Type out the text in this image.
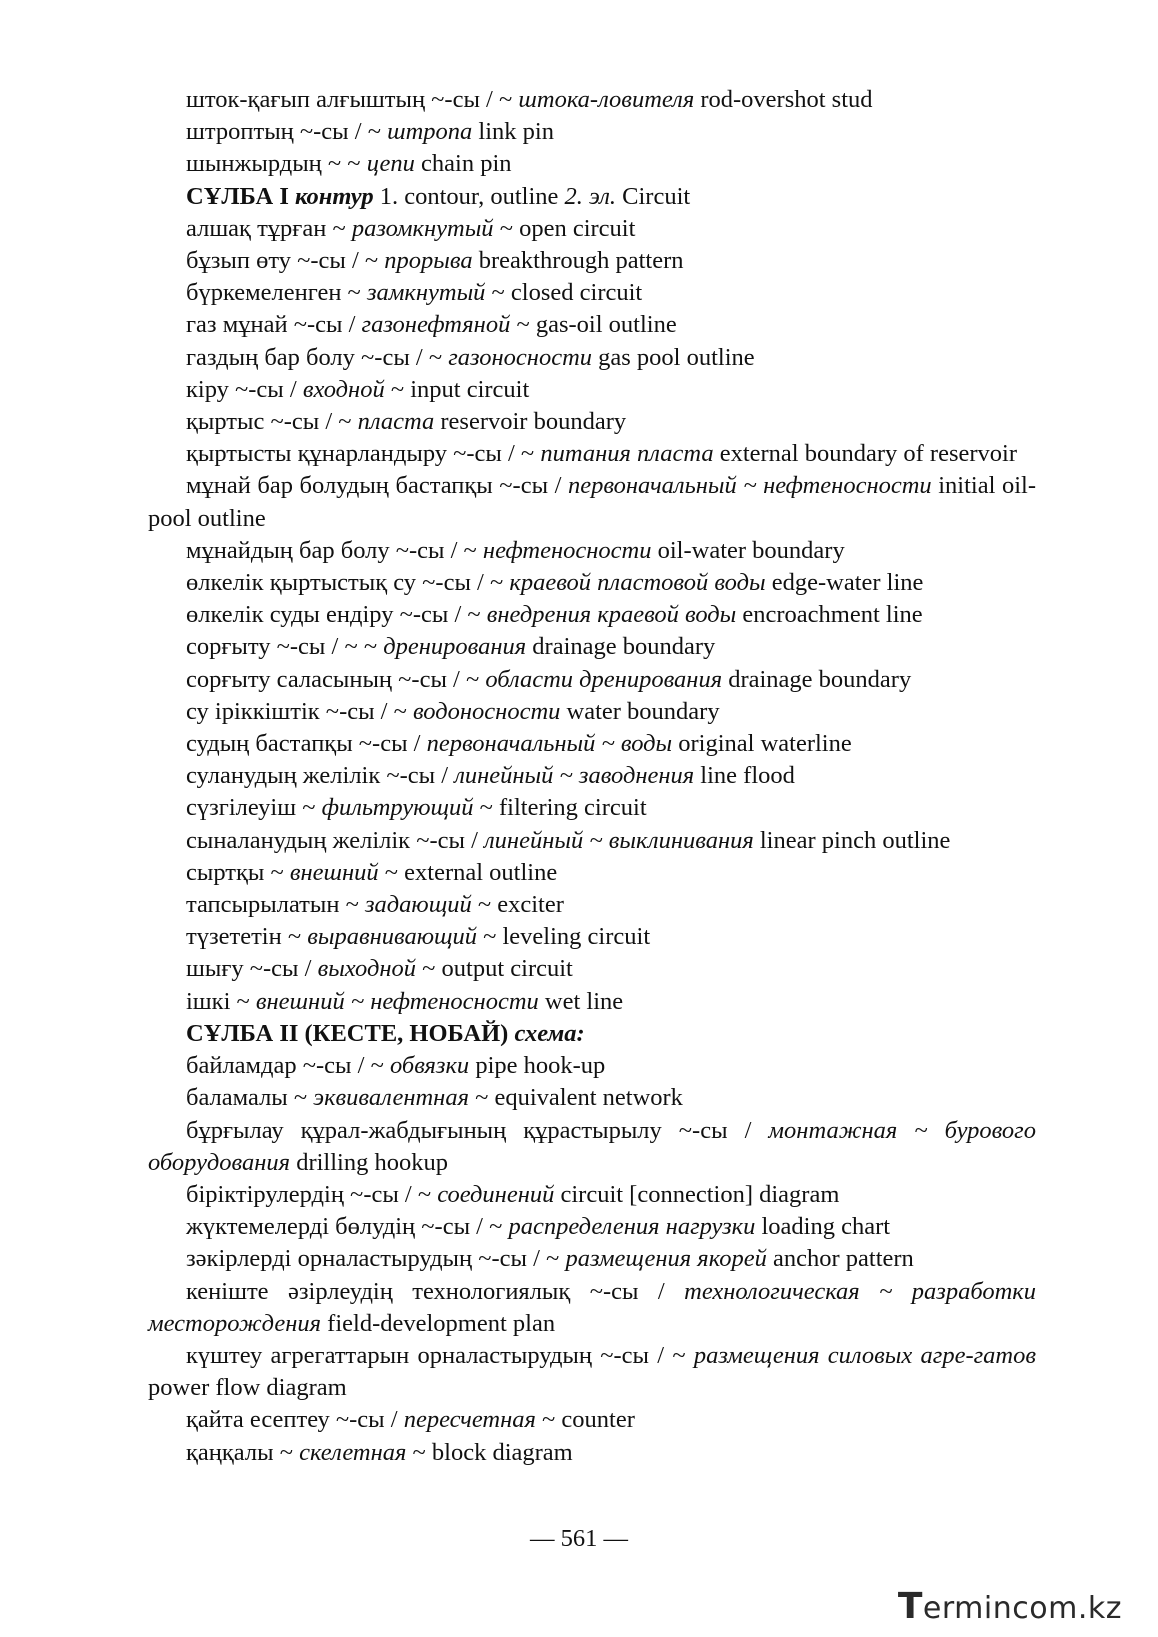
шток-қағып алғыштың ~-сы / ~ штока-ловителя rod-overshot stud

штроптың ~-сы / ~ штропа link pin

шынжырдың ~ ~ цепи chain pin

СҰЛБА I контур 1. contour, outline 2. эл. Circuit

алшақ тұрған ~ разомкнутый ~ open circuit

бұзып өту ~-сы / ~ прорыва breakthrough pattern

бүркемеленген ~ замкнутый ~ closed circuit

газ мұнай ~-сы / газонефтяной ~ gas-oil outline

газдың бар болу ~-сы / ~ газоносности gas pool outline

кіру ~-сы / входной ~ input circuit

қыртыс ~-сы / ~ пласта reservoir boundary

қыртысты құнарландыру ~-сы / ~ питания пласта external boundary of reservoir

мұнай бар болудың бастапқы ~-сы / первоначальный ~ нефтеносности initial oil-pool outline

мұнайдың бар болу ~-сы / ~ нефтеносности oil-water boundary

өлкелік қыртыстық су ~-сы / ~ краевой пластовой воды edge-water line

өлкелік суды ендіру ~-сы / ~ внедрения краевой воды encroachment line

сорғыту ~-сы / ~ ~ дренирования drainage boundary

сорғыту саласының ~-сы / ~ области дренирования drainage boundary

су іріккіштік ~-сы / ~ водоносности water boundary

судың бастапқы ~-сы / первоначальный ~ воды original waterline

суланудың желілік ~-сы / линейный ~ заводнения line flood

сүзгілеуіш ~ фильтрующий ~ filtering circuit

сыналанудың желілік ~-сы / линейный ~ выклинивания linear pinch outline

сыртқы ~ внешний ~ external outline

тапсырылатын ~ задающий ~ exciter

түзететін ~ выравнивающий ~ leveling circuit

шығу ~-сы / выходной ~ output circuit

ішкі ~ внешний ~ нефтеносности wet line

СҰЛБА II (КЕСТЕ, НОБАЙ) схема:

байламдар ~-сы / ~ обвязки pipe hook-up

баламалы ~ эквивалентная ~ equivalent network

бұрғылау құрал-жабдығының құрастырылу ~-сы / монтажная ~ бурового оборудования drilling hookup

біріктірулердің ~-сы / ~ соединений circuit [connection] diagram

жүктемелерді бөлудің ~-сы / ~ распределения нагрузки loading chart

зәкірлерді орналастырудың ~-сы / ~ размещения якорей anchor pattern

кеніште әзірлеудің технологиялық ~-сы / технологическая ~ разработки месторождения field-development plan

күштеу агрегаттарын орналастырудың ~-сы / ~ размещения силовых агре-гатов power flow diagram

қайта есептеу ~-сы / пересчетная ~ counter

қаңқалы ~ скелетная ~ block diagram

— 561 —
Termincom.kz
